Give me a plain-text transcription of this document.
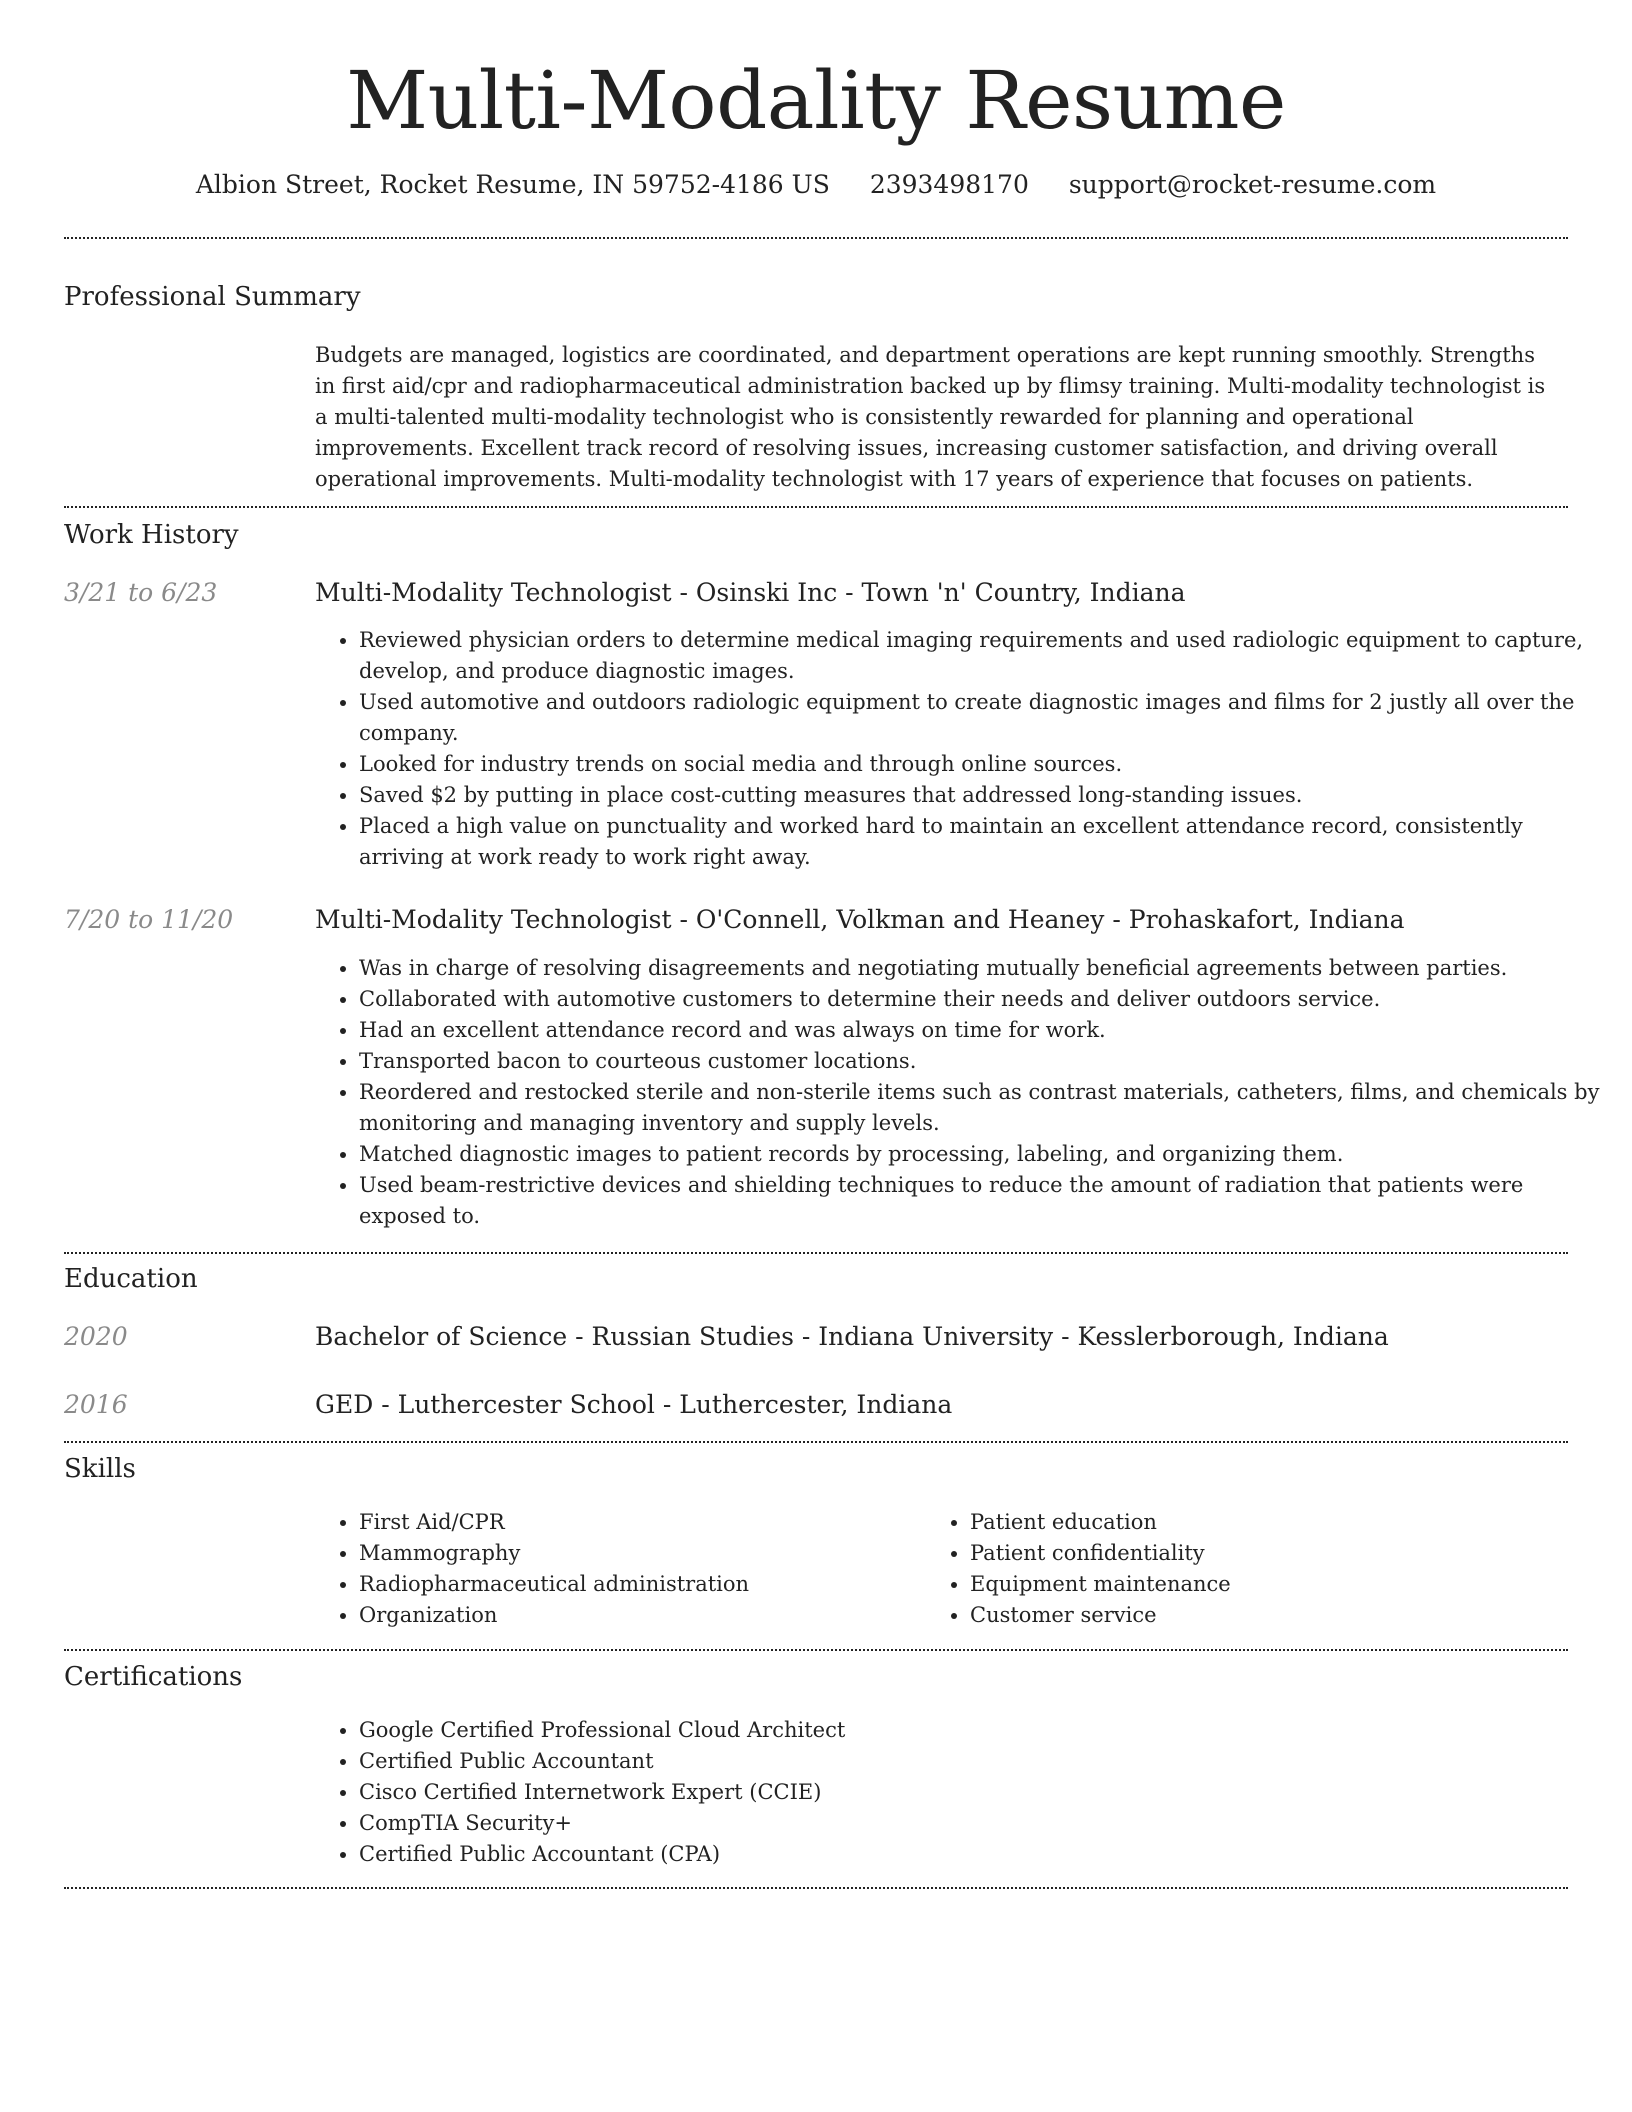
Multi-Modality Resume
Albion Street, Rocket Resume, IN 59752-4186 US 2393498170 support@rocket-resume.com
Professional Summary

Budgets are managed, logistics are coordinated, and department operations are kept running smoothly. Strengths in first aid/cpr and radiopharmaceutical administration backed up by flimsy training. Multi-modality technologist is a multi-talented multi-modality technologist who is consistently rewarded for planning and operational improvements. Excellent track record of resolving issues, increasing customer satisfaction, and driving overall operational improvements. Multi-modality technologist with 17 years of experience that focuses on patients.

Work History
3/21 to 6/23	Multi-Modality Technologist - Osinski Inc - Town 'n' Country, Indiana
• Reviewed physician orders to determine medical imaging requirements and used radiologic equipment to capture, develop, and produce diagnostic images.
• Used automotive and outdoors radiologic equipment to create diagnostic images and films for 2 justly all over the company.
• Looked for industry trends on social media and through online sources.
• Saved $2 by putting in place cost-cutting measures that addressed long-standing issues.
• Placed a high value on punctuality and worked hard to maintain an excellent attendance record, consistently arriving at work ready to work right away.
7/20 to 11/20	Multi-Modality Technologist - O'Connell, Volkman and Heaney - Prohaskafort, Indiana
• Was in charge of resolving disagreements and negotiating mutually beneficial agreements between parties.
• Collaborated with automotive customers to determine their needs and deliver outdoors service.
• Had an excellent attendance record and was always on time for work.
• Transported bacon to courteous customer locations.
• Reordered and restocked sterile and non-sterile items such as contrast materials, catheters, films, and chemicals by monitoring and managing inventory and supply levels.
• Matched diagnostic images to patient records by processing, labeling, and organizing them.
• Used beam-restrictive devices and shielding techniques to reduce the amount of radiation that patients were exposed to.
Education
2020	Bachelor of Science - Russian Studies - Indiana University - Kesslerborough, Indiana
2016	GED - Luthercester School - Luthercester, Indiana
Skills
• First Aid/CPR
• Mammography
• Radiopharmaceutical administration
• Organization
• Patient education
• Patient confidentiality
• Equipment maintenance
• Customer service
Certifications
• Google Certified Professional Cloud Architect
• Certified Public Accountant
• Cisco Certified Internetwork Expert (CCIE)
• CompTIA Security+
• Certified Public Accountant (CPA)
